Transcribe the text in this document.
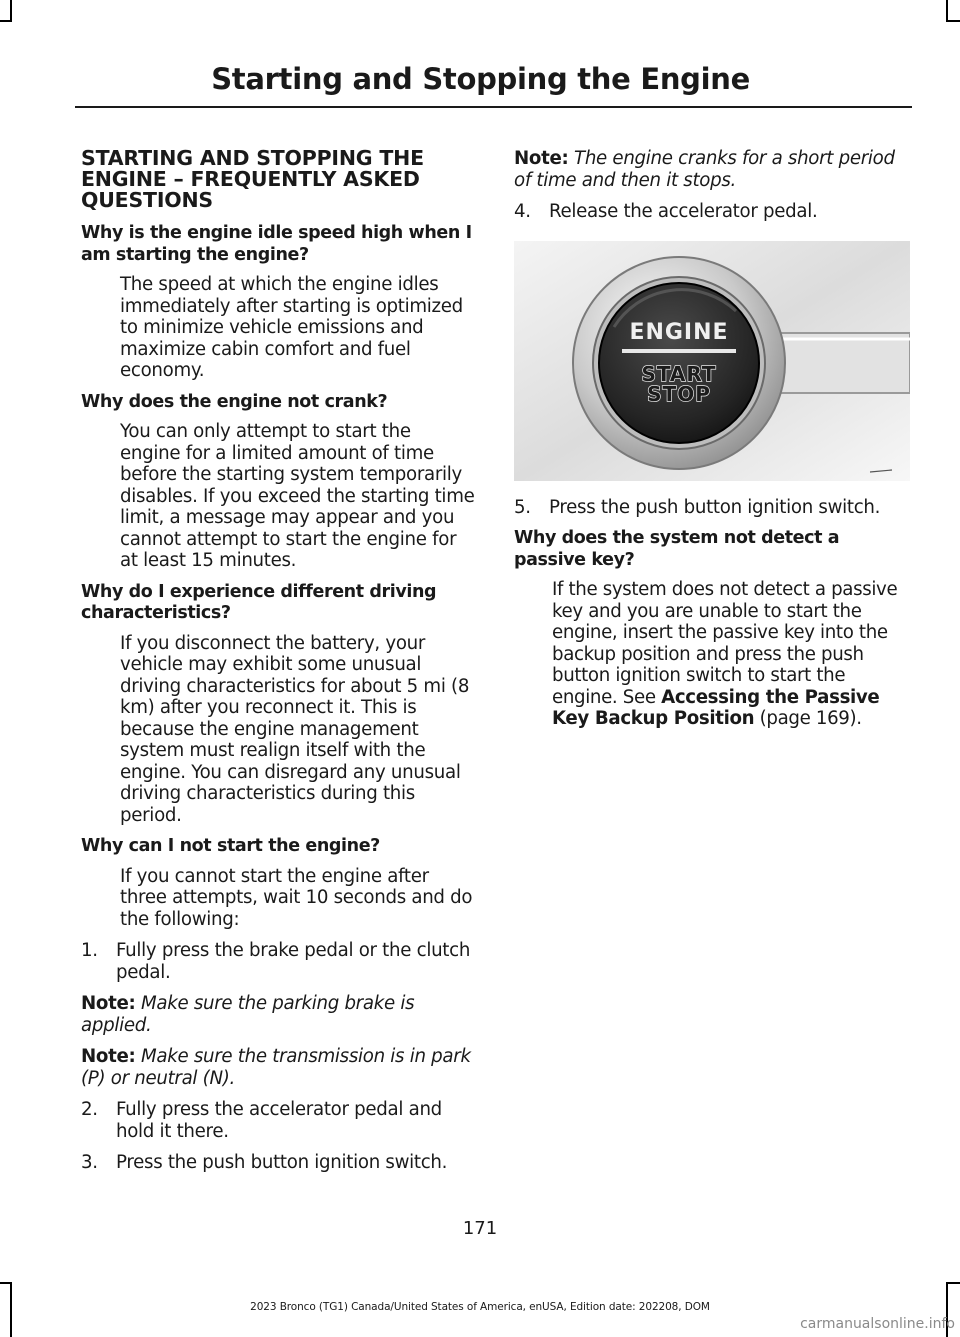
Starting and Stopping the Engine
STARTING AND STOPPING THE ENGINE – FREQUENTLY ASKED QUESTIONS

Why is the engine idle speed high when I am starting the engine?

The speed at which the engine idles immediately after starting is optimized to minimize vehicle emissions and maximize cabin comfort and fuel economy.

Why does the engine not crank?

You can only attempt to start the engine for a limited amount of time before the starting system temporarily disables. If you exceed the starting time limit, a message may appear and you cannot attempt to start the engine for at least 15 minutes.

Why do I experience different driving characteristics?

If you disconnect the battery, your vehicle may exhibit some unusual driving characteristics for about 5 mi (8 km) after you reconnect it. This is because the engine management system must realign itself with the engine. You can disregard any unusual driving characteristics during this period.

Why can I not start the engine?

If you cannot start the engine after three attempts, wait 10 seconds and do the following:

1.	Fully press the brake pedal or the clutch pedal.

Note: Make sure the parking brake is applied.

Note: Make sure the transmission is in park (P) or neutral (N).

2.	Fully press the accelerator pedal and hold it there.
3.	Press the push button ignition switch.

Note: The engine cranks for a short period of time and then it stops.

4.	Release the accelerator pedal.
ENGINE
START
STOP
5.	Press the push button ignition switch.

Why does the system not detect a passive key?

If the system does not detect a passive key and you are unable to start the engine, insert the passive key into the backup position and press the push button ignition switch to start the engine. See Accessing the Passive Key Backup Position (page 169).

171
2023 Bronco (TG1) Canada/United States of America, enUSA, Edition date: 202208, DOM
carmanualsonline.info
